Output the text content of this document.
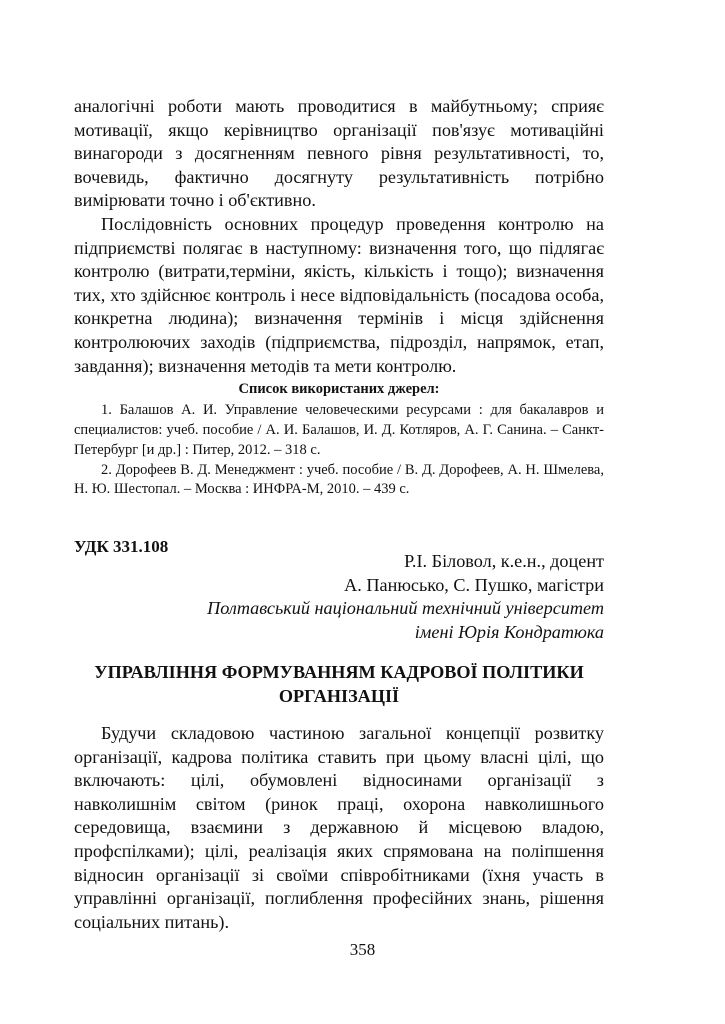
аналогічні роботи мають проводитися в майбутньому; сприяє мотивації, якщо керівництво організації пов'язує мотиваційні винагороди з досягненням певного рівня результативності, то, вочевидь, фактично досягнуту результативність потрібно вимірювати точно і об'єктивно.

Послідовність основних процедур проведення контролю на підприємстві полягає в наступному: визначення того, що підлягає контролю (витрати,терміни, якість, кількість і тощо); визначення тих, хто здійснює контроль і несе відповідальність (посадова особа, конкретна людина); визначення термінів і місця здійснення контролюючих заходів (підприємства, підрозділ, напрямок, етап, завдання); визначення методів та мети контролю.

Список використаних джерел:

1. Балашов А. И. Управление человеческими ресурсами : для бакалавров и специалистов: учеб. пособие / А. И. Балашов, И. Д. Котляров, А. Г. Санина. – Санкт-Петербург [и др.] : Питер, 2012. – 318 с.

2. Дорофеев В. Д. Менеджмент : учеб. пособие / В. Д. Дорофеев, А. Н. Шмелева, Н. Ю. Шестопал. – Москва : ИНФРА-М, 2010. – 439 с.

УДК 331.108

Р.І. Біловол, к.е.н., доцент
А. Панюсько, С. Пушко, магістри
Полтавський національний технічний університет
імені Юрія Кондратюка
УПРАВЛІННЯ ФОРМУВАННЯМ КАДРОВОЇ ПОЛІТИКИ
ОРГАНІЗАЦІЇ

Будучи складовою частиною загальної концепції розвитку організації, кадрова політика ставить при цьому власні цілі, що включають: цілі, обумовлені відносинами організації з навколишнім світом (ринок праці, охорона навколишнього середовища, взаємини з державною й місцевою владою, профспілками); цілі, реалізація яких спрямована на поліпшення відносин організації зі своїми співробітниками (їхня участь в управлінні організації, поглиблення професійних знань, рішення соціальних питань).

358
